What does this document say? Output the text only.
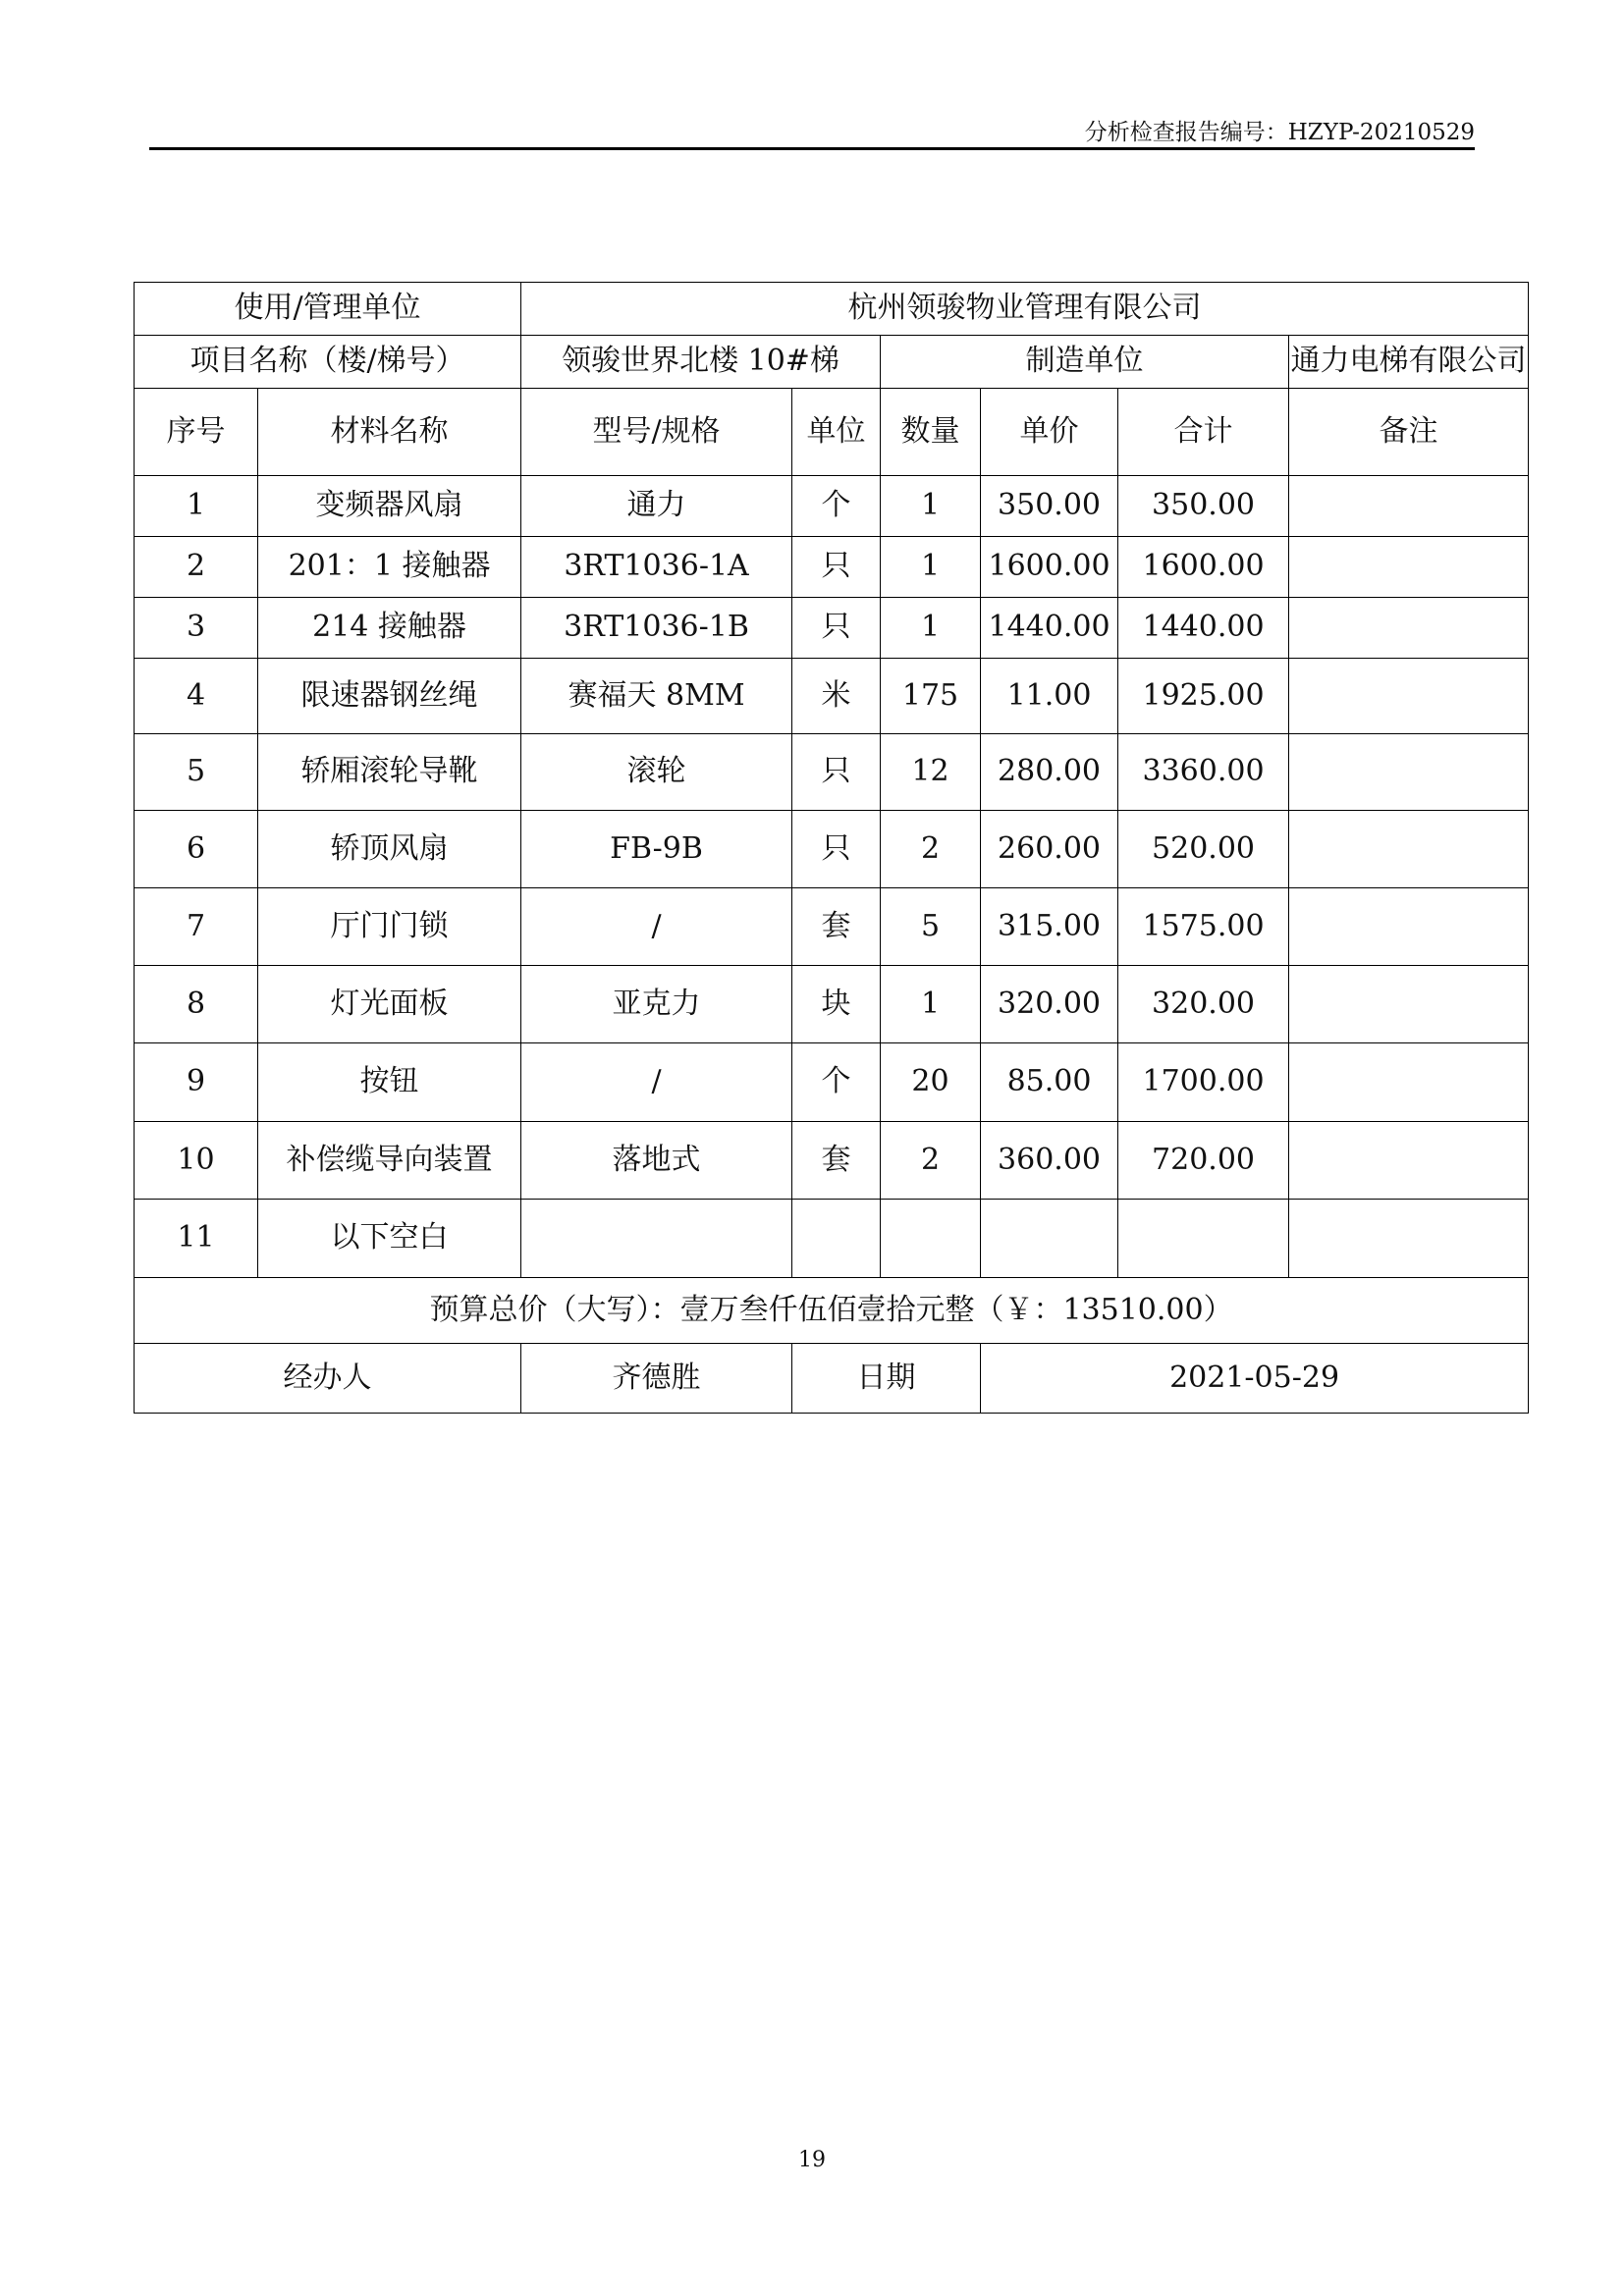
分析检查报告编号：HZYP-20210529
使用/管理单位		杭州领骏物业管理有限公司					
项目名称（楼/梯号）		领骏世界北楼 10#梯		制造单位			通力电梯有限公司
序号	材料名称	型号/规格	单位	数量	单价	合计	备注
1	变频器风扇	通力	个	1	350.00	350.00	
2	201：1 接触器	3RT1036-1A	只	1	1600.00	1600.00	
3	214 接触器	3RT1036-1B	只	1	1440.00	1440.00	
4	限速器钢丝绳	赛福天 8MM	米	175	11.00	1925.00	
5	轿厢滚轮导靴	滚轮	只	12	280.00	3360.00	
6	轿顶风扇	FB-9B	只	2	260.00	520.00	
7	厅门门锁	/	套	5	315.00	1575.00	
8	灯光面板	亚克力	块	1	320.00	320.00	
9	按钮	/	个	20	85.00	1700.00	
10	补偿缆导向装置	落地式	套	2	360.00	720.00	
11	以下空白						
预算总价（大写）：壹万叁仟伍佰壹拾元整（￥：13510.00）							
经办人		齐德胜	日期		2021-05-29		
19
